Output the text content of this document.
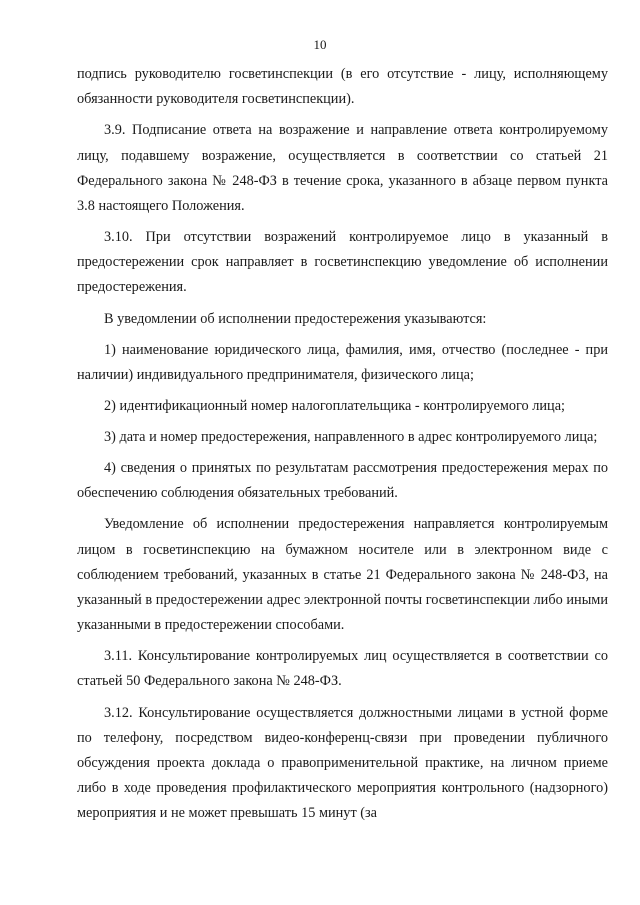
10

подпись руководителю госветинспекции (в его отсутствие - лицу, исполняющему обязанности руководителя госветинспекции).

3.9. Подписание ответа на возражение и направление ответа контролируемому лицу, подавшему возражение, осуществляется в соответствии со статьей 21 Федерального закона № 248-ФЗ в течение срока, указанного в абзаце первом пункта 3.8 настоящего Положения.

3.10. При отсутствии возражений контролируемое лицо в указанный в предостережении срок направляет в госветинспекцию уведомление об исполнении предостережения.

В уведомлении об исполнении предостережения указываются:

1) наименование юридического лица, фамилия, имя, отчество (последнее - при наличии) индивидуального предпринимателя, физического лица;

2) идентификационный номер налогоплательщика - контролируемого лица;

3) дата и номер предостережения, направленного в адрес контролируемого лица;

4) сведения о принятых по результатам рассмотрения предостережения мерах по обеспечению соблюдения обязательных требований.

Уведомление об исполнении предостережения направляется контролируемым лицом в госветинспекцию на бумажном носителе или в электронном виде с соблюдением требований, указанных в статье 21 Федерального закона № 248-ФЗ, на указанный в предостережении адрес электронной почты госветинспекции либо иными указанными в предостережении способами.

3.11. Консультирование контролируемых лиц осуществляется в соответствии со статьей 50 Федерального закона № 248-ФЗ.

3.12. Консультирование осуществляется должностными лицами в устной форме по телефону, посредством видео-конференц-связи при проведении публичного обсуждения проекта доклада о правоприменительной практике, на личном приеме либо в ходе проведения профилактического мероприятия контрольного (надзорного) мероприятия и не может превышать 15 минут (за
